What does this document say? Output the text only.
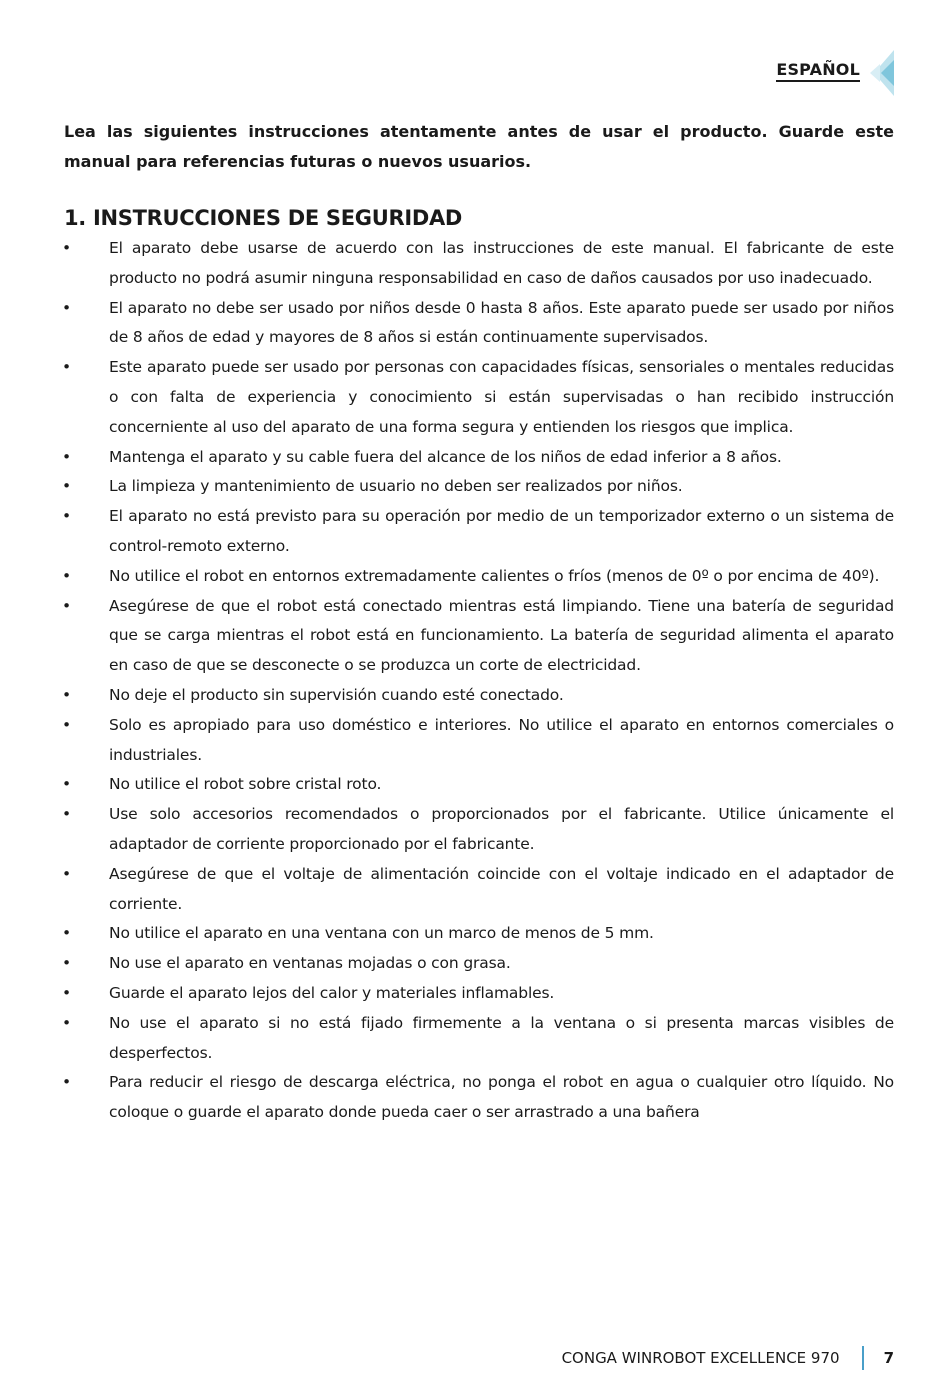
ESPAÑOL

Lea las siguientes instrucciones atentamente antes de usar el producto. Guarde este manual para referencias futuras o nuevos usuarios.

1. INSTRUCCIONES DE SEGURIDAD
• El aparato debe usarse de acuerdo con las instrucciones de este manual. El fabricante de este producto no podrá asumir ninguna responsabilidad en caso de daños causados por uso inadecuado.
• El aparato no debe ser usado por niños desde 0 hasta 8 años. Este aparato puede ser usado por niños de 8 años de edad y mayores de 8 años si están continuamente supervisados.
• Este aparato puede ser usado por personas con capacidades físicas, sensoriales o mentales reducidas o con falta de experiencia y conocimiento si están supervisadas o han recibido instrucción concerniente al uso del aparato de una forma segura y entienden los riesgos que implica.
• Mantenga el aparato y su cable fuera del alcance de los niños de edad inferior a 8 años.
• La limpieza y mantenimiento de usuario no deben ser realizados por niños.
• El aparato no está previsto para su operación por medio de un temporizador externo o un sistema de control-remoto externo.
• No utilice el robot en entornos extremadamente calientes o fríos (menos de 0º o por encima de 40º).
• Asegúrese de que el robot está conectado mientras está limpiando. Tiene una batería de seguridad que se carga mientras el robot está en funcionamiento. La batería de seguridad alimenta el aparato en caso de que se desconecte o se produzca un corte de electricidad.
• No deje el producto sin supervisión cuando esté conectado.
• Solo es apropiado para uso doméstico e interiores. No utilice el aparato en entornos comerciales o industriales.
• No utilice el robot sobre cristal roto.
• Use solo accesorios recomendados o proporcionados por el fabricante. Utilice únicamente el adaptador de corriente proporcionado por el fabricante.
• Asegúrese de que el voltaje de alimentación coincide con el voltaje indicado en el adaptador de corriente.
• No utilice el aparato en una ventana con un marco de menos de 5 mm.
• No use el aparato en ventanas mojadas o con grasa.
• Guarde el aparato lejos del calor y materiales inflamables.
• No use el aparato si no está fijado firmemente a la ventana o si presenta marcas visibles de desperfectos.
• Para reducir el riesgo de descarga eléctrica, no ponga el robot en agua o cualquier otro líquido. No coloque o guarde el aparato donde pueda caer o ser arrastrado a una bañera
CONGA WINROBOT EXCELLENCE 970	7
